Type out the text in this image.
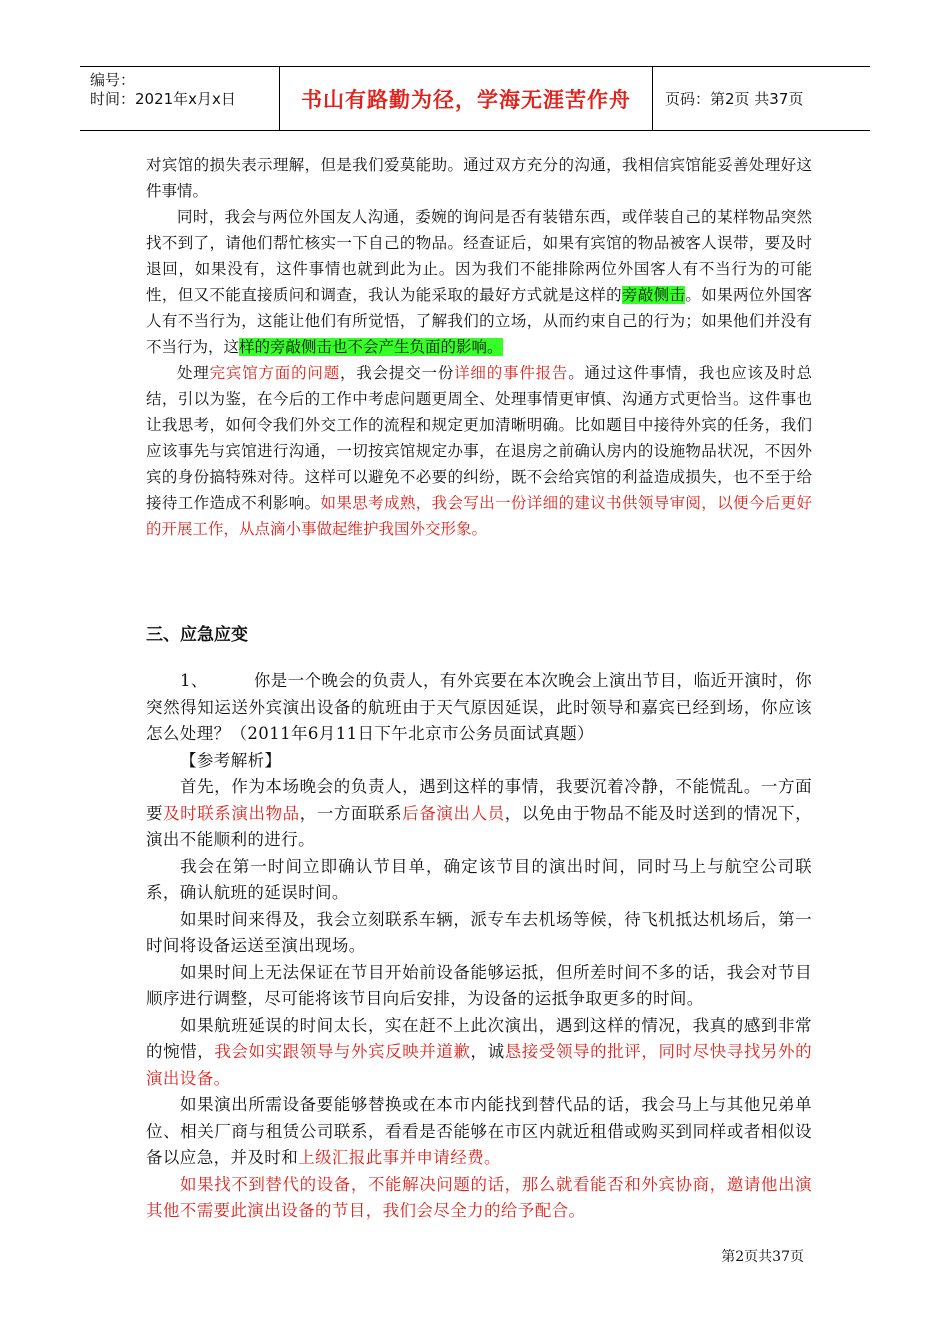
编号：
时间：2021年x月x日	书山有路勤为径，学海无涯苦作舟	页码：第2页 共37页

对宾馆的损失表示理解，但是我们爱莫能助。通过双方充分的沟通，我相信宾馆能妥善处理好这件事情。

同时，我会与两位外国友人沟通，委婉的询问是否有装错东西，或佯装自己的某样物品突然找不到了，请他们帮忙核实一下自己的物品。经查证后，如果有宾馆的物品被客人误带，要及时退回，如果没有，这件事情也就到此为止。因为我们不能排除两位外国客人有不当行为的可能性，但又不能直接质问和调查，我认为能采取的最好方式就是这样的旁敲侧击。如果两位外国客人有不当行为，这能让他们有所觉悟，了解我们的立场，从而约束自己的行为；如果他们并没有不当行为，这样的旁敲侧击也不会产生负面的影响。

处理完宾馆方面的问题，我会提交一份详细的事件报告。通过这件事情，我也应该及时总结，引以为鉴，在今后的工作中考虑问题更周全、处理事情更审慎、沟通方式更恰当。这件事也让我思考，如何令我们外交工作的流程和规定更加清晰明确。比如题目中接待外宾的任务，我们应该事先与宾馆进行沟通，一切按宾馆规定办事，在退房之前确认房内的设施物品状况，不因外宾的身份搞特殊对待。这样可以避免不必要的纠纷，既不会给宾馆的利益造成损失，也不至于给接待工作造成不利影响。如果思考成熟，我会写出一份详细的建议书供领导审阅，以便今后更好的开展工作，从点滴小事做起维护我国外交形象。

三、应急应变

1、	你是一个晚会的负责人，有外宾要在本次晚会上演出节目，临近开演时，你突然得知运送外宾演出设备的航班由于天气原因延误，此时领导和嘉宾已经到场，你应该怎么处理？（2011年6月11日下午北京市公务员面试真题）

【参考解析】

首先，作为本场晚会的负责人，遇到这样的事情，我要沉着冷静，不能慌乱。一方面要及时联系演出物品，一方面联系后备演出人员，以免由于物品不能及时送到的情况下，演出不能顺利的进行。

我会在第一时间立即确认节目单，确定该节目的演出时间，同时马上与航空公司联系，确认航班的延误时间。

如果时间来得及，我会立刻联系车辆，派专车去机场等候，待飞机抵达机场后，第一时间将设备运送至演出现场。

如果时间上无法保证在节目开始前设备能够运抵，但所差时间不多的话，我会对节目顺序进行调整，尽可能将该节目向后安排，为设备的运抵争取更多的时间。

如果航班延误的时间太长，实在赶不上此次演出，遇到这样的情况，我真的感到非常的惋惜，我会如实跟领导与外宾反映并道歉，诚恳接受领导的批评，同时尽快寻找另外的演出设备。

如果演出所需设备要能够替换或在本市内能找到替代品的话，我会马上与其他兄弟单位、相关厂商与租赁公司联系，看看是否能够在市区内就近租借或购买到同样或者相似设备以应急，并及时和上级汇报此事并申请经费。

如果找不到替代的设备，不能解决问题的话，那么就看能否和外宾协商，邀请他出演其他不需要此演出设备的节目，我们会尽全力的给予配合。

第2页共37页
